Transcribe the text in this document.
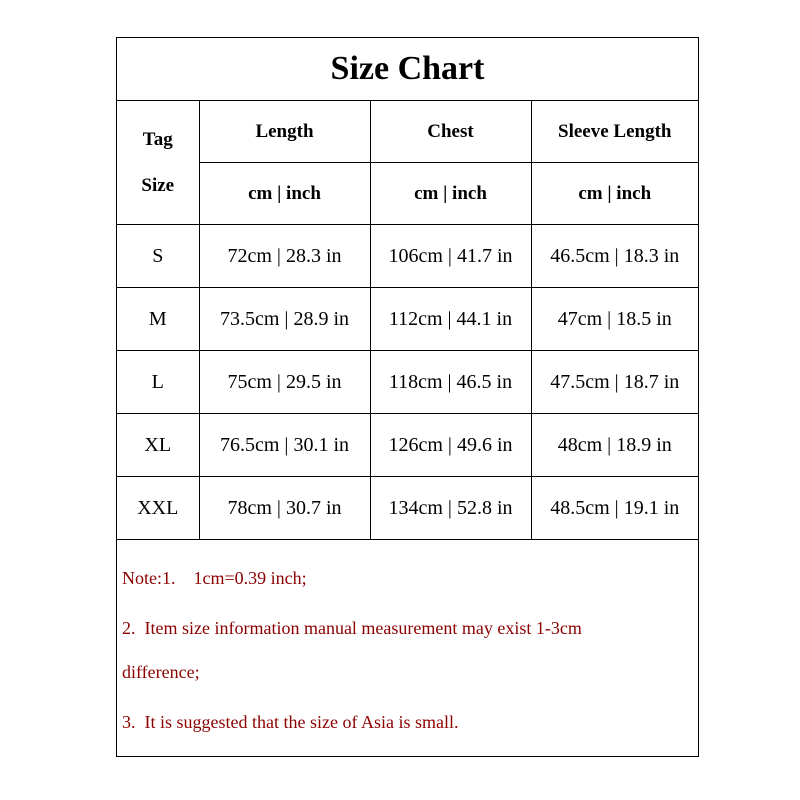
Size Chart			

Tag
Size	Length	Chest	Sleeve Length
	cm | inch	cm | inch	cm | inch
S	72cm | 28.3 in	106cm | 41.7 in	46.5cm | 18.3 in
M	73.5cm | 28.9 in	112cm | 44.1 in	47cm | 18.5 in
L	75cm | 29.5 in	118cm | 46.5 in	47.5cm | 18.7 in
XL	76.5cm | 30.1 in	126cm | 49.6 in	48cm | 18.9 in
XXL	78cm | 30.7 in	134cm | 52.8 in	48.5cm | 19.1 in
Note:1.    1cm=0.39 inch;
2.  Item size information manual measurement may exist 1-3cm
difference;
3.  It is suggested that the size of Asia is small.
